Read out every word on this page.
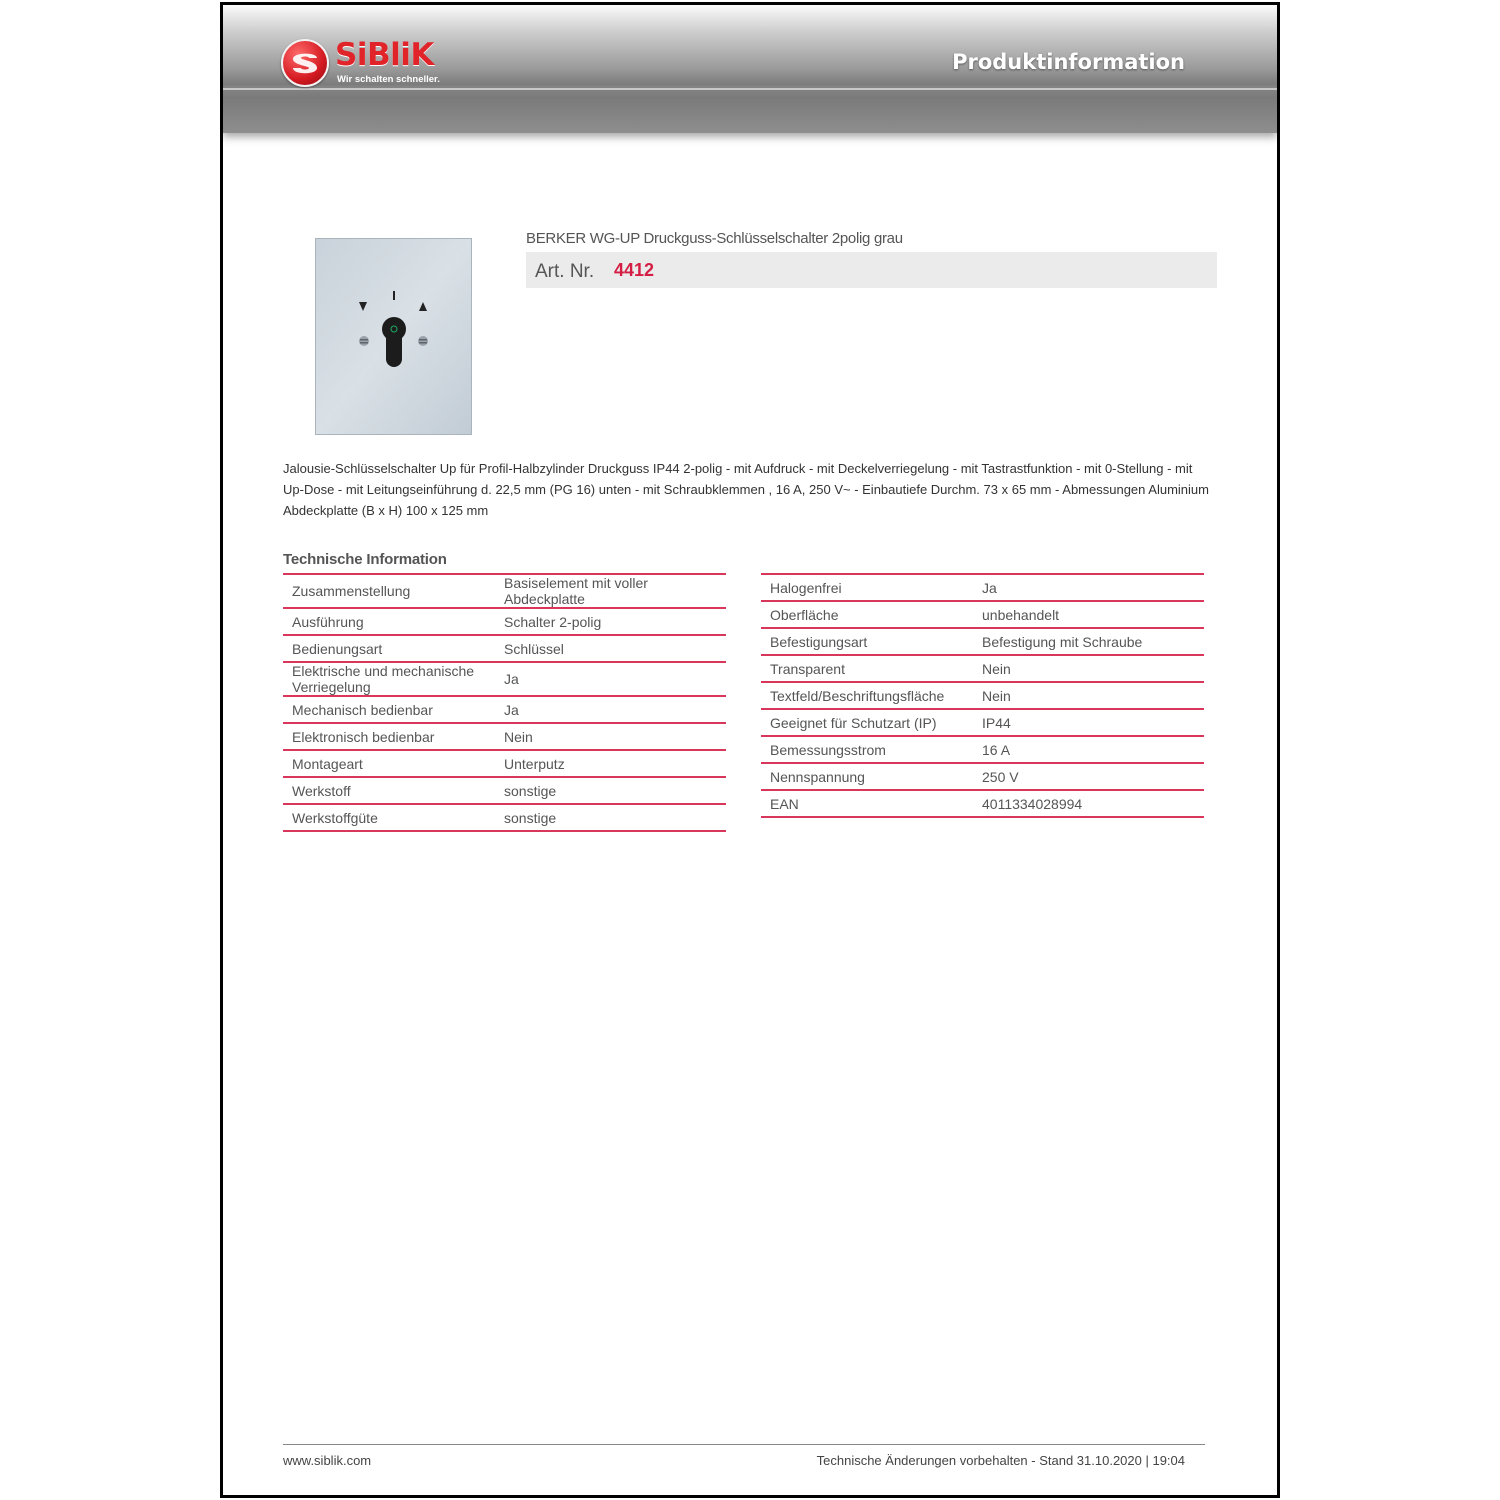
SiBliK
Wir schalten schneller.
Produktinformation
BERKER WG-UP Druckguss-Schlüsselschalter 2polig grau
Art. Nr. 4412
Jalousie-Schlüsselschalter Up für Profil-Halbzylinder Druckguss IP44 2-polig - mit Aufdruck - mit Deckelverriegelung - mit Tastrastfunktion - mit 0-Stellung - mit Up-Dose - mit Leitungseinführung d. 22,5 mm (PG 16) unten - mit Schraubklemmen , 16 A, 250 V~ - Einbautiefe Durchm. 73 x 65 mm - Abmessungen Aluminium Abdeckplatte (B x H) 100 x 125 mm
Technische Information
Zusammenstellung	Basiselement mit voller Abdeckplatte
Ausführung	Schalter 2-polig
Bedienungsart	Schlüssel
Elektrische und mechanische Verriegelung	Ja
Mechanisch bedienbar	Ja
Elektronisch bedienbar	Nein
Montageart	Unterputz
Werkstoff	sonstige
Werkstoffgüte	sonstige
Halogenfrei	Ja
Oberfläche	unbehandelt
Befestigungsart	Befestigung mit Schraube
Transparent	Nein
Textfeld/Beschriftungsfläche	Nein
Geeignet für Schutzart (IP)	IP44
Bemessungsstrom	16 A
Nennspannung	250 V
EAN	4011334028994
www.siblik.com	Technische Änderungen vorbehalten - Stand 31.10.2020 | 19:04
